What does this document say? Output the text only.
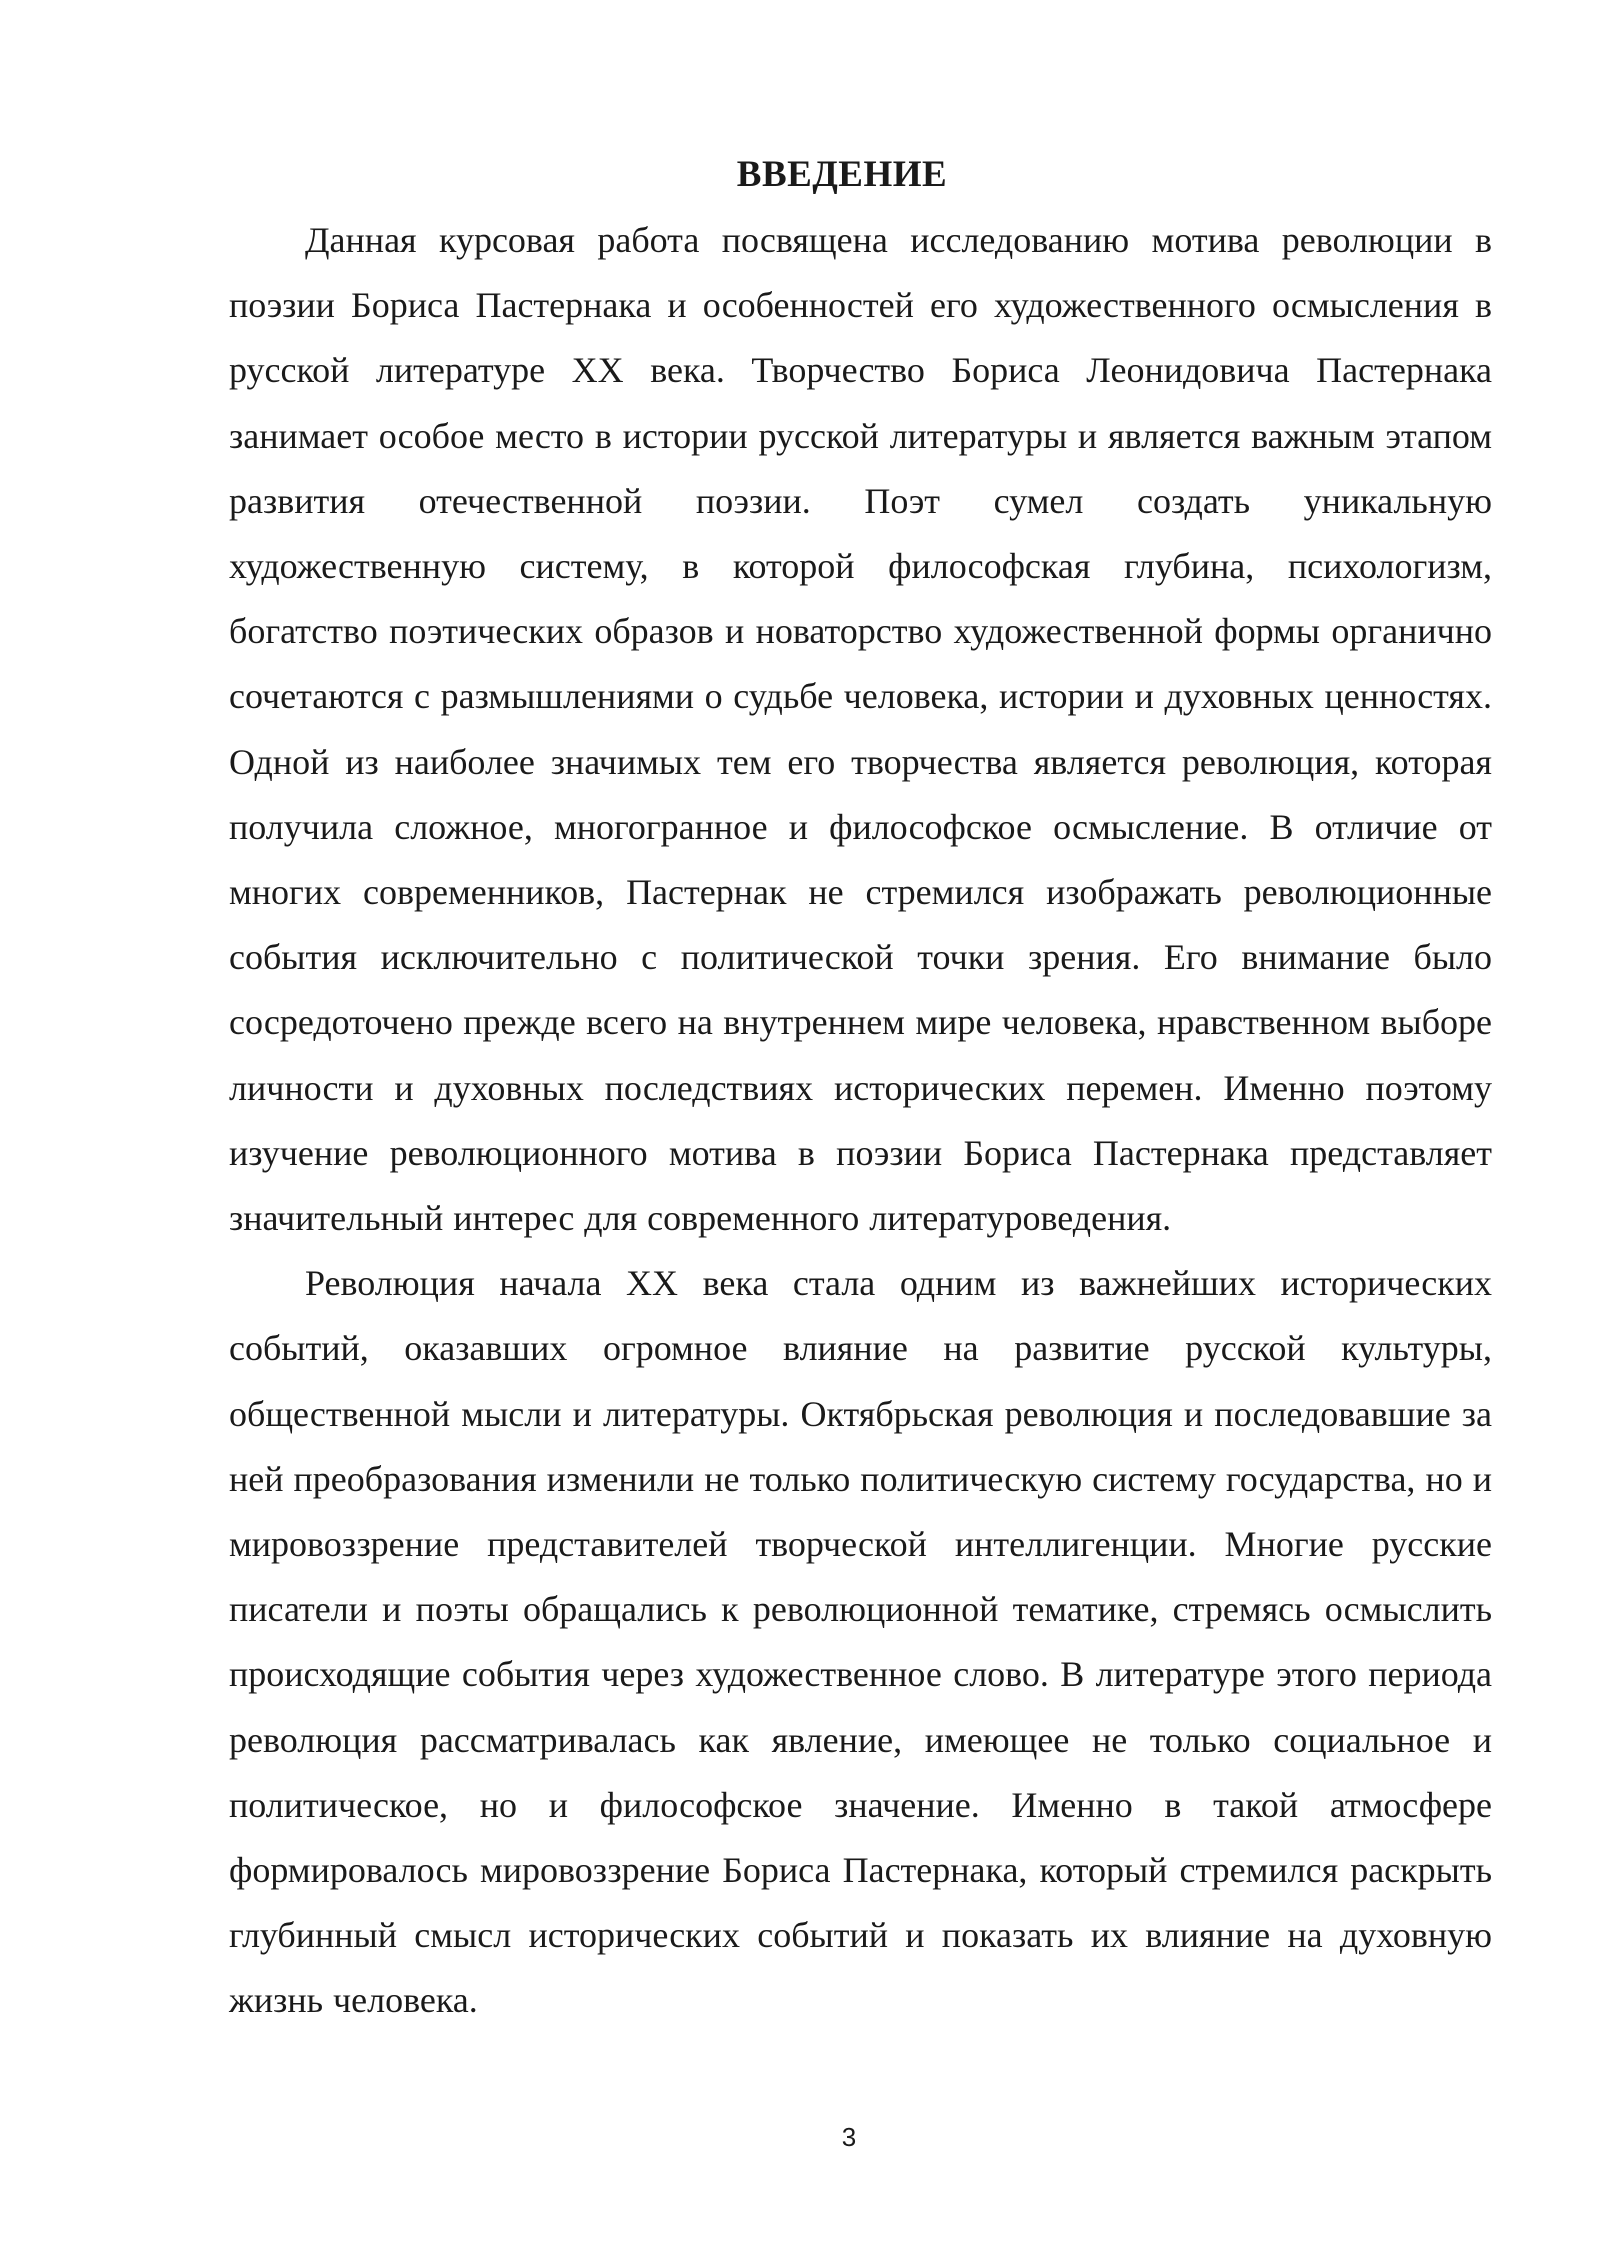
ВВЕДЕНИЕ

Данная курсовая работа посвящена исследованию мотива революции в поэзии Бориса Пастернака и особенностей его художественного осмысления в русской литературе XX века. Творчество Бориса Леонидовича Пастернака занимает особое место в истории русской литературы и является важным этапом развития отечественной поэзии. Поэт сумел создать уникальную художественную систему, в которой философская глубина, психологизм, богатство поэтических образов и новаторство художественной формы органично сочетаются с размышлениями о судьбе человека, истории и духовных ценностях. Одной из наиболее значимых тем его творчества является революция, которая получила сложное, многогранное и философское осмысление. В отличие от многих современников, Пастернак не стремился изображать революционные события исключительно с политической точки зрения. Его внимание было сосредоточено прежде всего на внутреннем мире человека, нравственном выборе личности и духовных последствиях исторических перемен. Именно поэтому изучение революционного мотива в поэзии Бориса Пастернака представляет значительный интерес для современного литературоведения.

Революция начала XX века стала одним из важнейших исторических событий, оказавших огромное влияние на развитие русской культуры, общественной мысли и литературы. Октябрьская революция и последовавшие за ней преобразования изменили не только политическую систему государства, но и мировоззрение представителей творческой интеллигенции. Многие русские писатели и поэты обращались к революционной тематике, стремясь осмыслить происходящие события через художественное слово. В литературе этого периода революция рассматривалась как явление, имеющее не только социальное и политическое, но и философское значение. Именно в такой атмосфере формировалось мировоззрение Бориса Пастернака, который стремился раскрыть глубинный смысл исторических событий и показать их влияние на духовную жизнь человека.

3
